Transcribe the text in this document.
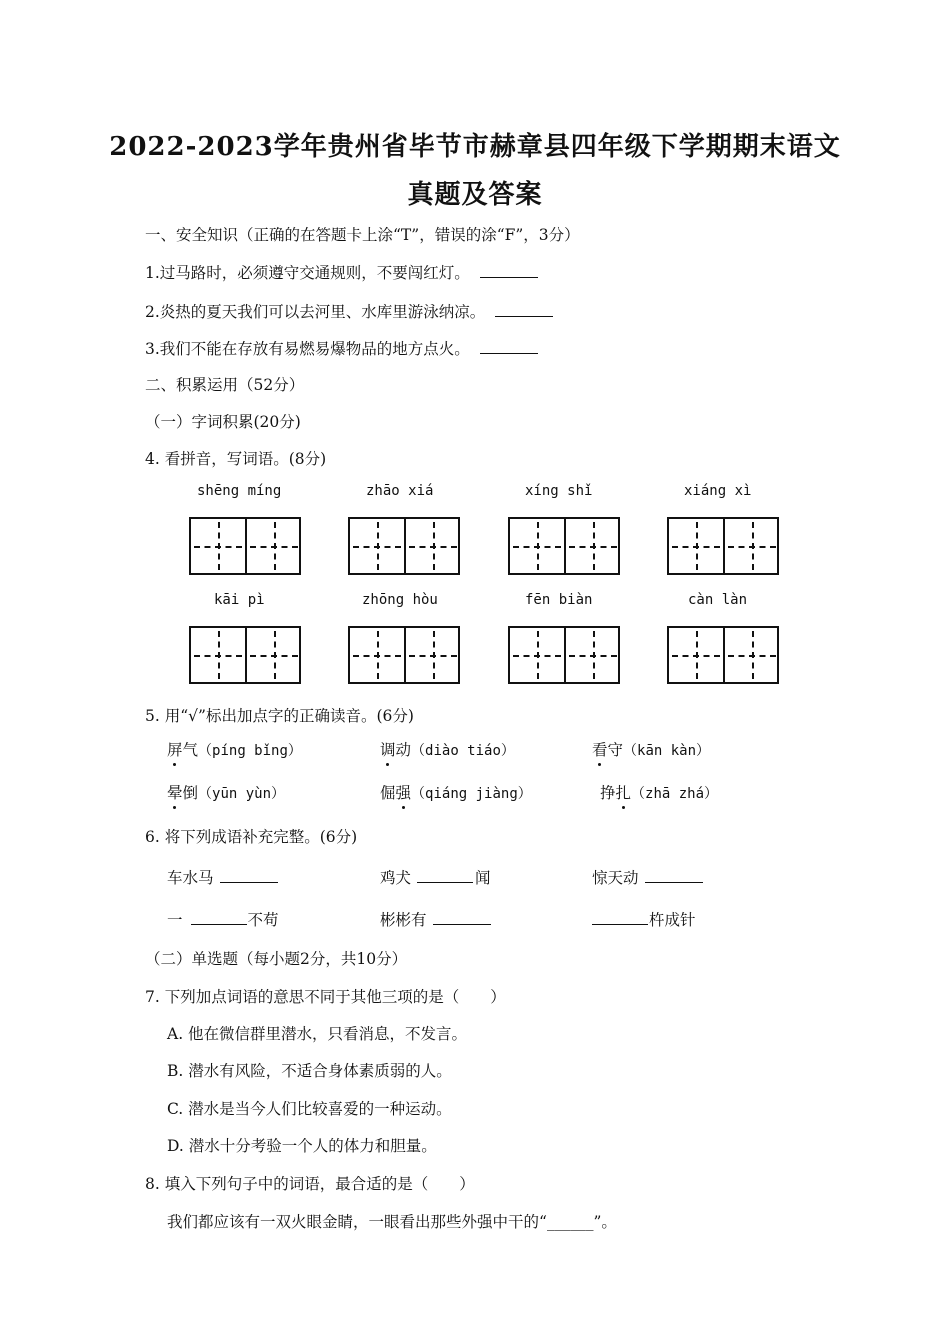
2022-2023学年贵州省毕节市赫章县四年级下学期期末语文
真题及答案
一、安全知识（正确的在答题卡上涂“T”，错误的涂“F”，3分）
1.过马路时，必须遵守交通规则，不要闯红灯。
2.炎热的夏天我们可以去河里、水库里游泳纳凉。
3.我们不能在存放有易燃易爆物品的地方点火。
二、积累运用（52分）
（一）字词积累(20分)
4. 看拼音，写词语。(8分)
shēng míng	zhāo xiá	xíng shǐ	xiáng xì
kāi pì	zhōng hòu	fēn biàn	càn làn
5. 用“√”标出加点字的正确读音。(6分)
屏气（píng bǐng）	调动（diào tiáo）	看守（kān kàn）
晕倒（yūn yùn）	倔强（qiáng jiàng）	挣扎（zhā zhá）
6. 将下列成语补充完整。(6分)
车水马	鸡犬	闻	惊天动
一	不苟	彬彬有	杵成针
（二）单选题（每小题2分，共10分）
7. 下列加点词语的意思不同于其他三项的是（　　）
A. 他在微信群里潜水，只看消息，不发言。
B. 潜水有风险，不适合身体素质弱的人。
C. 潜水是当今人们比较喜爱的一种运动。
D. 潜水十分考验一个人的体力和胆量。
8. 填入下列句子中的词语，最合适的是（　　）
我们都应该有一双火眼金睛，一眼看出那些外强中干的“______”。
